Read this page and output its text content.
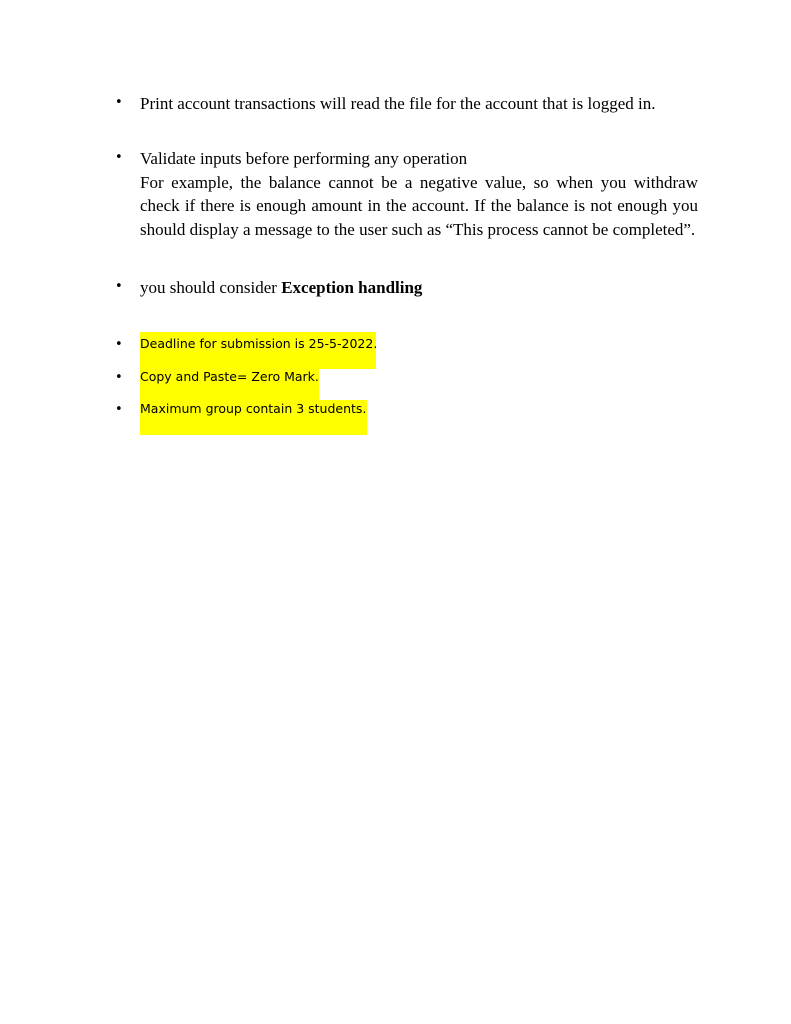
• Print account transactions will read the file for the account that is logged in.
• Validate inputs before performing any operation
For example, the balance cannot be a negative value, so when you withdraw check if there is enough amount in the account. If the balance is not enough you should display a message to the user such as “This process cannot be completed”.
• you should consider Exception handling
• Deadline for submission is 25-5-2022.
• Copy and Paste= Zero Mark.
• Maximum group contain 3 students.
